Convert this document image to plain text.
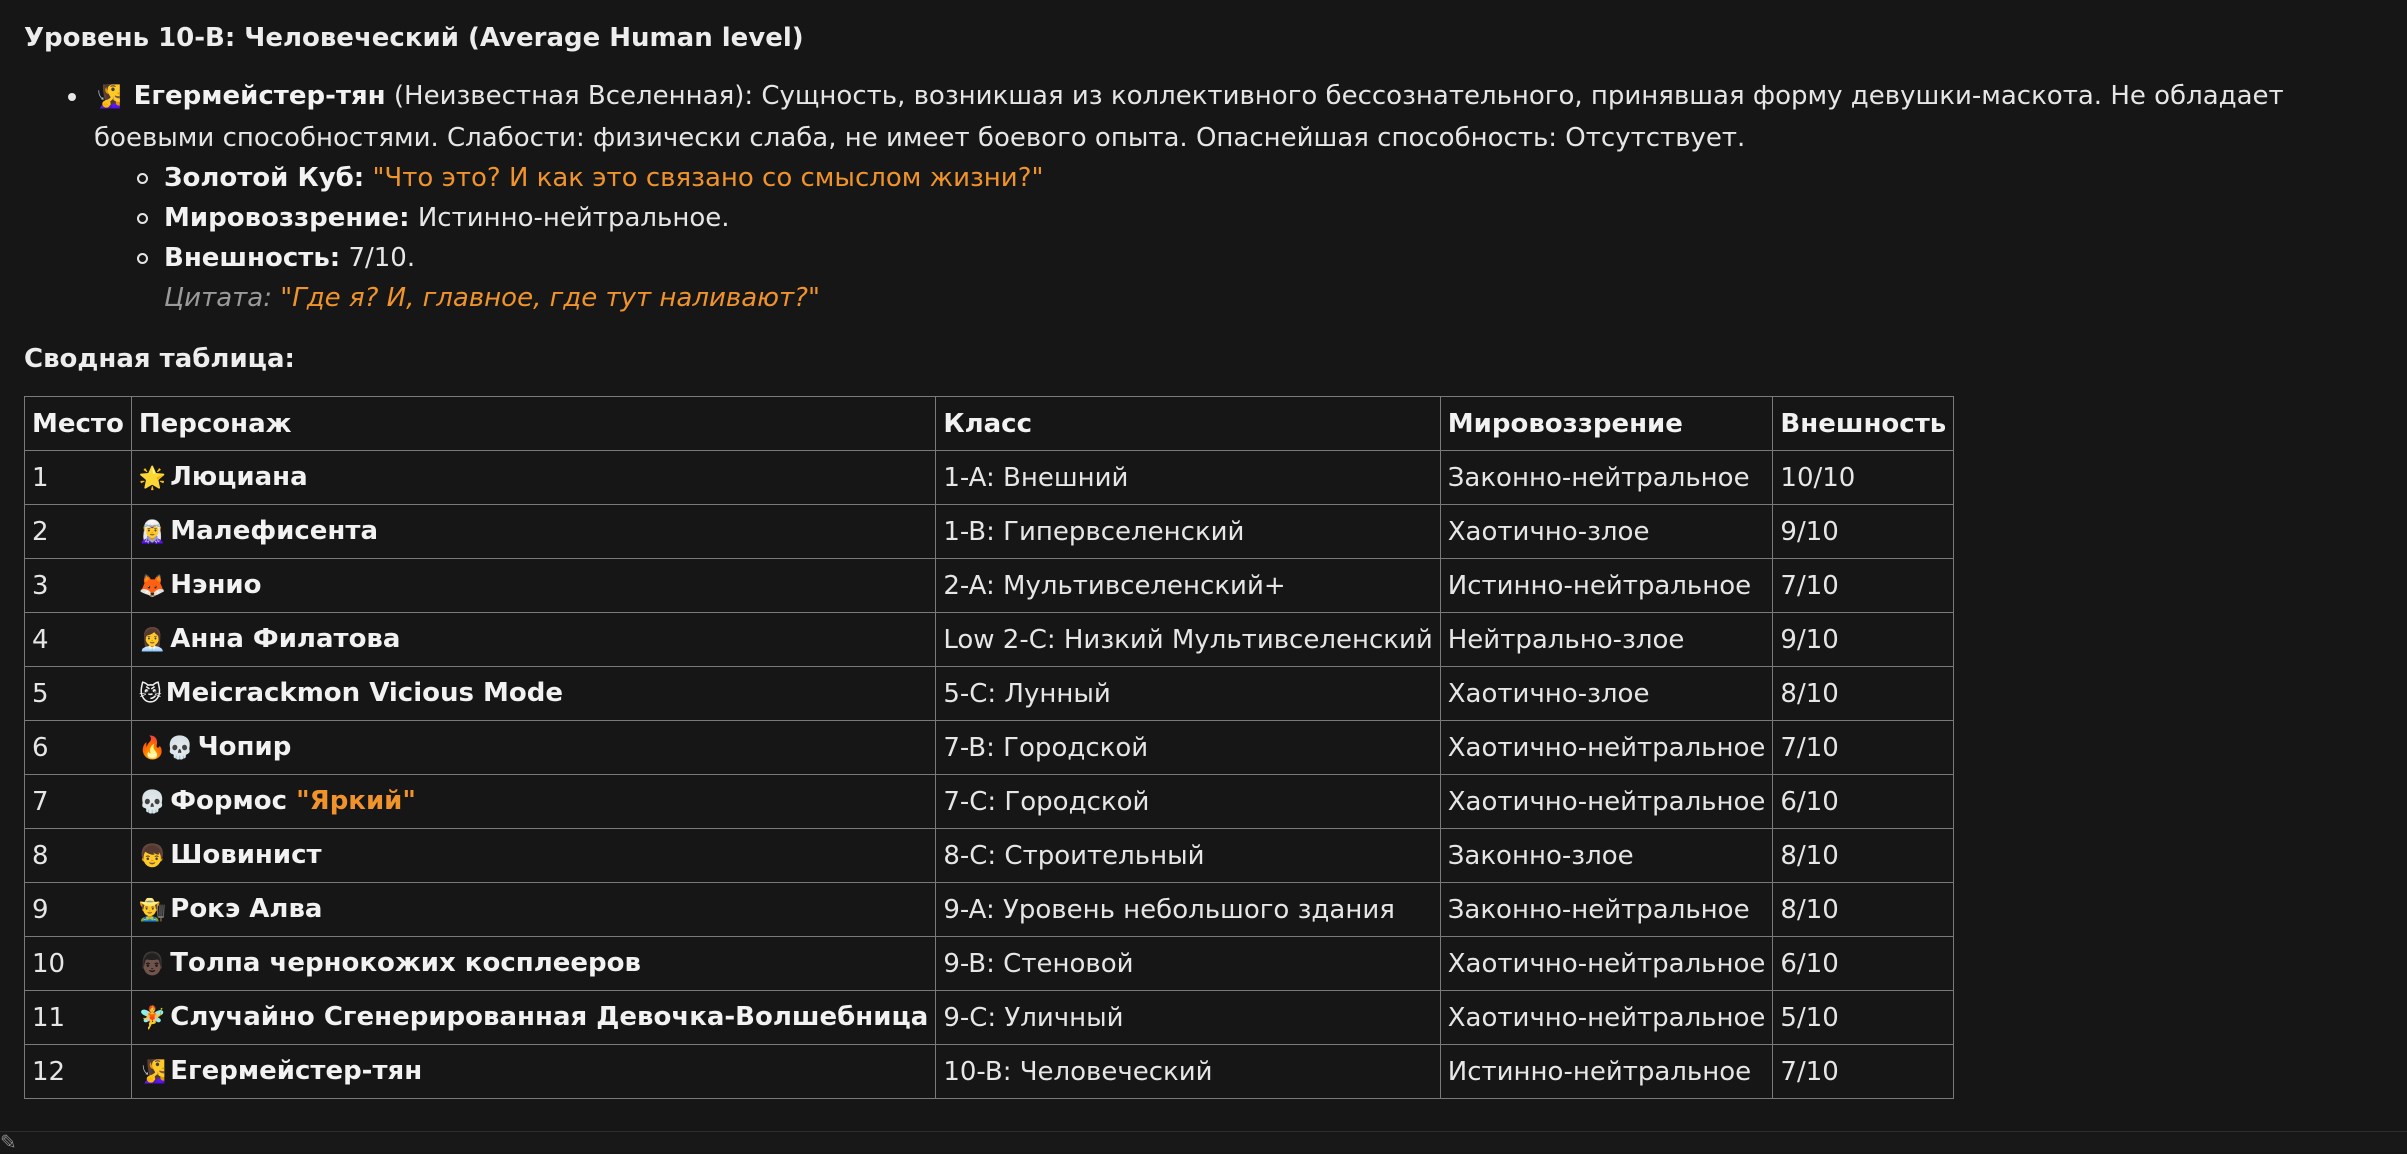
Уровень 10-B: Человеческий (Average Human level)
🧏‍♀️ Егермейстер-тян (Неизвестная Вселенная): Сущность, возникшая из коллективного бессознательного, принявшая форму девушки-маскота. Не обладает боевыми способностями. Слабости: физически слаба, не имеет боевого опыта. Опаснейшая способность: Отсутствует.
Золотой Куб: "Что это? И как это связано со смыслом жизни?"
Мировоззрение: Истинно-нейтральное.
Внешность: 7/10.
Цитата: "Где я? И, главное, где тут наливают?"
Сводная таблица:
Место	Персонаж	Класс	Мировоззрение	Внешность
1	🌟 Люциана	1-A: Внешний	Законно-нейтральное	10/10
2	🧝‍♀️ Малефисента	1-B: Гипервселенский	Хаотично-злое	9/10
3	🦊 Нэнио	2-A: Мультивселенский+	Истинно-нейтральное	7/10
4	👩‍💼 Анна Филатова	Low 2-C: Низкий Мультивселенский	Нейтрально-злое	9/10
5	😼 Meicrackmon Vicious Mode	5-C: Лунный	Хаотично-злое	8/10
6	🔥💀 Чопир	7-B: Городской	Хаотично-нейтральное	7/10
7	💀 Формос "Яркий"	7-C: Городской	Хаотично-нейтральное	6/10
8	👦 Шовинист	8-C: Строительный	Законно-злое	8/10
9	👨‍🌾 Рокэ Алва	9-A: Уровень небольшого здания	Законно-нейтральное	8/10
10	👨🏿 Толпа чернокожих косплееров	9-B: Стеновой	Хаотично-нейтральное	6/10
11	🧚 Случайно Сгенерированная Девочка-Волшебница	9-C: Уличный	Хаотично-нейтральное	5/10
12	🧏‍♀️ Егермейстер-тян	10-B: Человеческий	Истинно-нейтральное	7/10
✎
